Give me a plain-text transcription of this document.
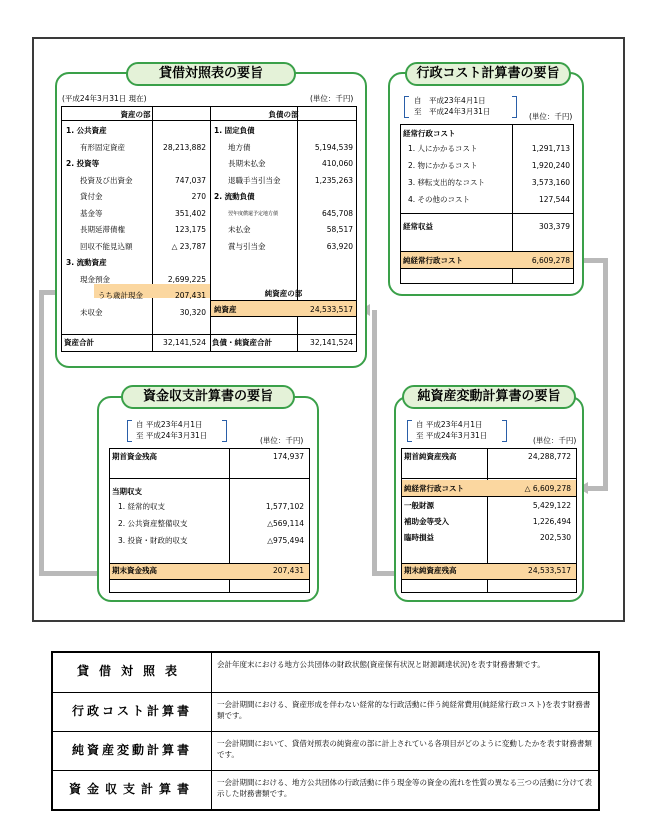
貸借対照表の要旨
(平成24年3月31日 現在)	(単位：千円)
資産の部	負債の部
1. 公共資産
有形固定資産	28,213,882
2. 投資等
投資及び出資金	747,037
貸付金	270
基金等	351,402
長期延滞債権	123,175
回収不能見込額	△ 23,787
3. 流動資産
現金預金	2,699,225
うち歳計現金	207,431
未収金	30,320
1. 固定負債
地方債	5,194,539
長期未払金	410,060
退職手当引当金	1,235,263
2. 流動負債
翌年度償還予定地方債	645,708
未払金	58,517
賞与引当金	63,920
純資産の部
純資産	24,533,517
資産合計	32,141,524 負債・純資産合計	32,141,524
行政コスト計算書の要旨
自　平成23年4月1日
至　平成24年3月31日
(単位：千円)
経常行政コスト
1. 人にかかるコスト	1,291,713
2. 物にかかるコスト	1,920,240
3. 移転支出的なコスト	3,573,160
4. その他のコスト	127,544
経常収益	303,379
純経常行政コスト	6,609,278
資金収支計算書の要旨
自 平成23年4月1日
至 平成24年3月31日
(単位：千円)
期首資金残高	174,937
当期収支
1. 経常的収支	1,577,102
2. 公共資産整備収支	△569,114
3. 投資・財政的収支	△975,494
期末資金残高	207,431
純資産変動計算書の要旨
自 平成23年4月1日
至 平成24年3月31日
(単位：千円)
期首純資産残高	24,288,772
純経常行政コスト	△ 6,609,278
一般財源	5,429,122
補助金等受入	1,226,494
臨時損益	202,530
期末純資産残高	24,533,517
貸借対照表	会計年度末における地方公共団体の財政状態(資産保有状況と財源調達状況)を表す財務書類です。
行政コスト計算書	一会計期間における、資産形成を伴わない経常的な行政活動に伴う純経常費用(純経常行政コスト)を表す財務書類です。
純資産変動計算書	一会計期間において、貸借対照表の純資産の部に計上されている各項目がどのように変動したかを表す財務書類です。
資金収支計算書	一会計期間における、地方公共団体の行政活動に伴う現金等の資金の流れを性質の異なる三つの活動に分けて表示した財務書類です。
